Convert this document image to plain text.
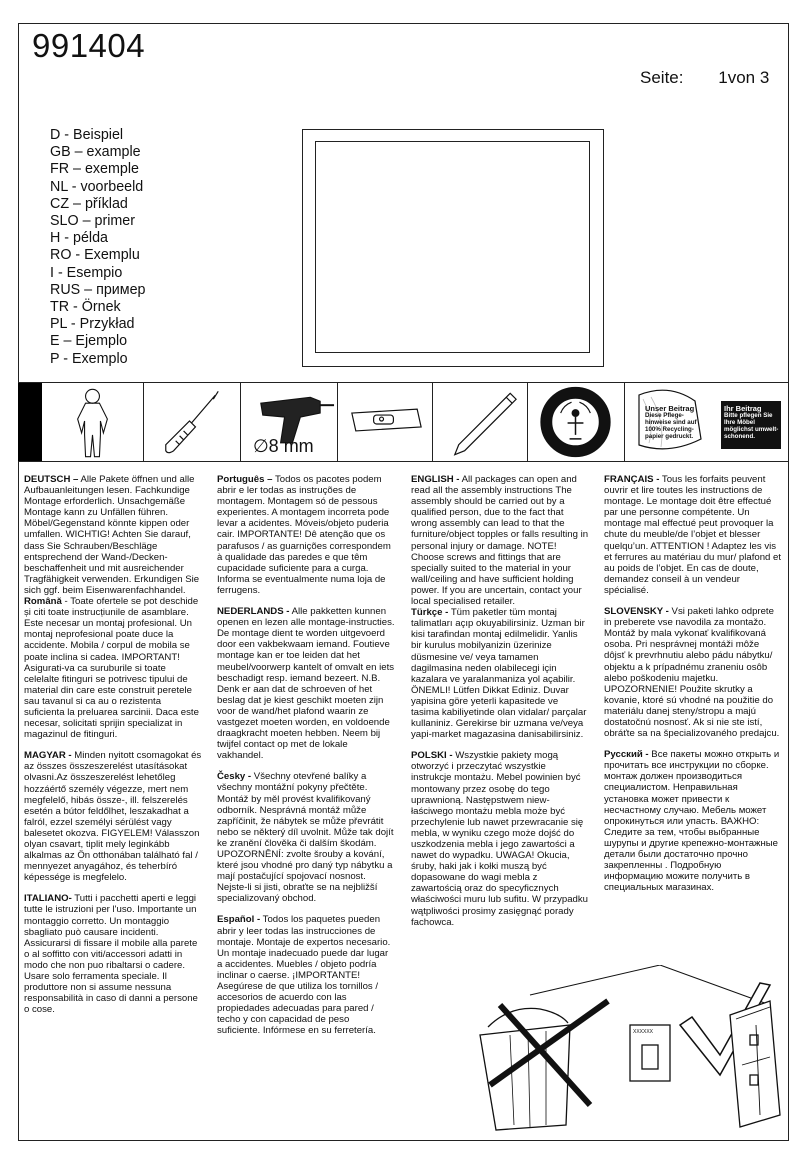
991404
Seite: 1von 3
D - Beispiel
GB – example
FR – exemple
NL - voorbeeld
CZ – příklad
SLO – primer
H - példa
RO - Exemplu
I - Esempio
RUS – пример
TR - Örnek
PL - Przykład
E – Ejemplo
P - Exemplo
∅8 mm
Unser Beitrag
Diese Pflege-hinweise sind auf 100% Recycling-papier gedruckt.
Ihr Beitrag
Bitte pflegen Sie Ihre Möbel möglichst umwelt-schonend.

DEUTSCH – Alle Pakete öffnen und alle Aufbauanleitungen lesen. Fachkundige Montage erforderlich. Unsachgemäße Montage kann zu Unfällen führen. Möbel/Gegenstand könnte kippen oder umfallen. WICHTIG! Achten Sie darauf, dass Sie Schrauben/Beschläge entsprechend der Wand-/Decken-beschaffenheit und mit ausreichender Tragfähigkeit verwenden. Erkundigen Sie sich ggf. beim Eisenwarenfachhandel.

Română - Toate ofertele se pot deschide și citi toate instrucțiunile de asamblare. Este necesar un montaj profesional. Un montaj neprofesional poate duce la accidente. Mobila / corpul de mobila se poate inclina si cadea. IMPORTANT! Asigurati-va ca suruburile si toate celelalte fitinguri se potrivesc tipului de material din care este construit peretele sau tavanul si ca au o rezistenta suficienta la preluarea sarcinii. Daca este necesar, solicitati sprijin specializat in magazinul de fitinguri.

MAGYAR - Minden nyitott csomagokat és az összes összeszerelést utasításokat olvasni.Az összeszerelést lehetőleg hozzáértő személy végezze, mert nem megfelelő, hibás össze-, ill. felszerelés esetén a bútor feldőlhet, leszakadhat a falról, ezzel személyi sérülést vagy balesetet okozva. FIGYELEM! Válasszon olyan csavart, tiplit mely leginkább alkalmas az Ön otthonában található fal / mennyezet anyagához, és teherbíró képessége is megfelelo.

ITALIANO- Tutti i pacchetti aperti e leggi tutte le istruzioni per l'uso. Importante un montaggio corretto. Un montaggio sbagliato può causare incidenti. Assicurarsi di fissare il mobile alla parete o al soffitto con viti/accessori adatti in modo che non puo ribaltarsi o cadere. Usare solo ferramenta speciale. Il produttore non si assume nessuna responsabilità in caso di danni a persone o cose.

Português – Todos os pacotes podem abrir e ler todas as instruções de montagem. Montagem só de pessous experientes. A montagem incorreta pode levar a acidentes. Móveis/objeto puderia cair. IMPORTANTE! Dê atenção que os parafusos / as guarnições correspondem à qualidade das paredes e que têm cupacidade suficiente para a curga. Informa se eventualmente numa loja de ferrugens.

NEDERLANDS - Alle pakketten kunnen openen en lezen alle montage-instructies. De montage dient te worden uitgevoerd door een vakbekwaam iemand. Foutieve montage kan er toe leiden dat het meubel/voorwerp kantelt of omvalt en iets beschadigt resp. iemand bezeert. N.B. Denk er aan dat de schroeven of het beslag dat je kiest geschikt moeten zijn voor de wand/het plafond waarin ze vastgezet moeten worden, en voldoende draagkracht moeten hebben. Neem bij twijfel contact op met de lokale vakhandel.

Česky - Všechny otevřené balíky a všechny montážní pokyny přečtěte. Montáž by měl provést kvalifikovaný odborník. Nesprávná montáž může zapříčinit, že nábytek se může převrátit nebo se některý díl uvolnit. Může tak dojít ke zranění člověka či dalším škodám. UPOZORNĚNÍ: zvolte šrouby a kování, které jsou vhodné pro daný typ nábytku a mají postačující spojovací nosnost. Nejste-li si jisti, obraťte se na nejbližší specializovaný obchod.

Español - Todos los paquetes pueden abrir y leer todas las instrucciones de montaje. Montaje de expertos necesario. Un montaje inadecuado puede dar lugar a accidentes. Muebles / objeto podría inclinar o caerse. ¡IMPORTANTE! Asegúrese de que utiliza los tornillos / accesorios de acuerdo con las propiedades adecuadas para pared / techo y con capacidad de peso suficiente. Infórmese en su ferretería.

ENGLISH - All packages can open and read all the assembly instructions The assembly should be carried out by a qualified person, due to the fact that wrong assembly can lead to that the furniture/object topples or falls resulting in personal injury or damage. NOTE! Choose screws and fittings that are specially suited to the material in your wall/ceiling and have sufficient holding power. If you are uncertain, contact your local specialised retailer.

Türkçe - Tüm paketler tüm montaj talimatları açıp okuyabilirsiniz. Uzman bir kisi tarafindan montaj edilmelidir. Yanlis bir kurulus mobilyanizin üzerinize düsmesine ve/ veya tamamen dagilmasina neden olabilecegi için kazalara ve yaralanmaniza yol açabilir. ÖNEMLI! Lütfen Dikkat Ediniz. Duvar yapisina göre yeterli kapasitede ve tasima kabiliyetinde olan vidalar/ parçalar kullaniniz. Gerekirse bir uzmana ve/veya yapi-market magazasina danisabilirsiniz.

POLSKI - Wszystkie pakiety mogą otworzyć i przeczytać wszystkie instrukcje montażu. Mebel powinien być montowany przez osobę do tego uprawnioną. Następstwem niew-łaściwego montażu mebla może być przechylenie lub nawet przewracanie się mebla, w wyniku czego może dojść do uszkodzenia mebla i jego zawartości a nawet do wypadku. UWAGA! Okucia, śruby, haki jak i kołki muszą być dopasowane do wagi mebla z zawartością oraz do specyficznych właściwości muru lub sufitu. W przypadku wątpliwości prosimy zasięgnąć porady fachowca.

FRANÇAIS - Tous les forfaits peuvent ouvrir et lire toutes les instructions de montage. Le montage doit être effectué par une personne compétente. Un montage mal effectué peut provoquer la chute du meuble/de l’objet et blesser quelqu’un. ATTENTION ! Adaptez les vis et ferrures au matériau du mur/ plafond et au poids de l’objet. En cas de doute, demandez conseil à un vendeur spécialisé.

SLOVENSKY - Vsi paketi lahko odprete in preberete vse navodila za montažo. Montáž by mala vykonať kvalifikovaná osoba. Pri nesprávnej montáži môže dôjsť k prevrhnutiu alebo pádu nábytku/ objektu a k prípadnému zraneniu osôb alebo poškodeniu majetku. UPOZORNENIE! Použite skrutky a kovanie, ktoré sú vhodné na použitie do materiálu danej steny/stropu a majú dostatočnú nosnosť. Ak si nie ste istí, obráťte sa na špecializovaného predajcu.

Русский - Все пакеты можно открыть и прочитать все инструкции по сборке. монтаж должен производиться специалистом. Неправильная установка может привести к несчастному случаю. Мебель может опрокинуться или упасть. ВАЖНО: Следите за тем, чтобы выбранные шурупы и другие крепежно-монтажные детали были достаточно прочно закрепленны . Подробную информацию можите получить в специальных магазинах.

XXXXXX
